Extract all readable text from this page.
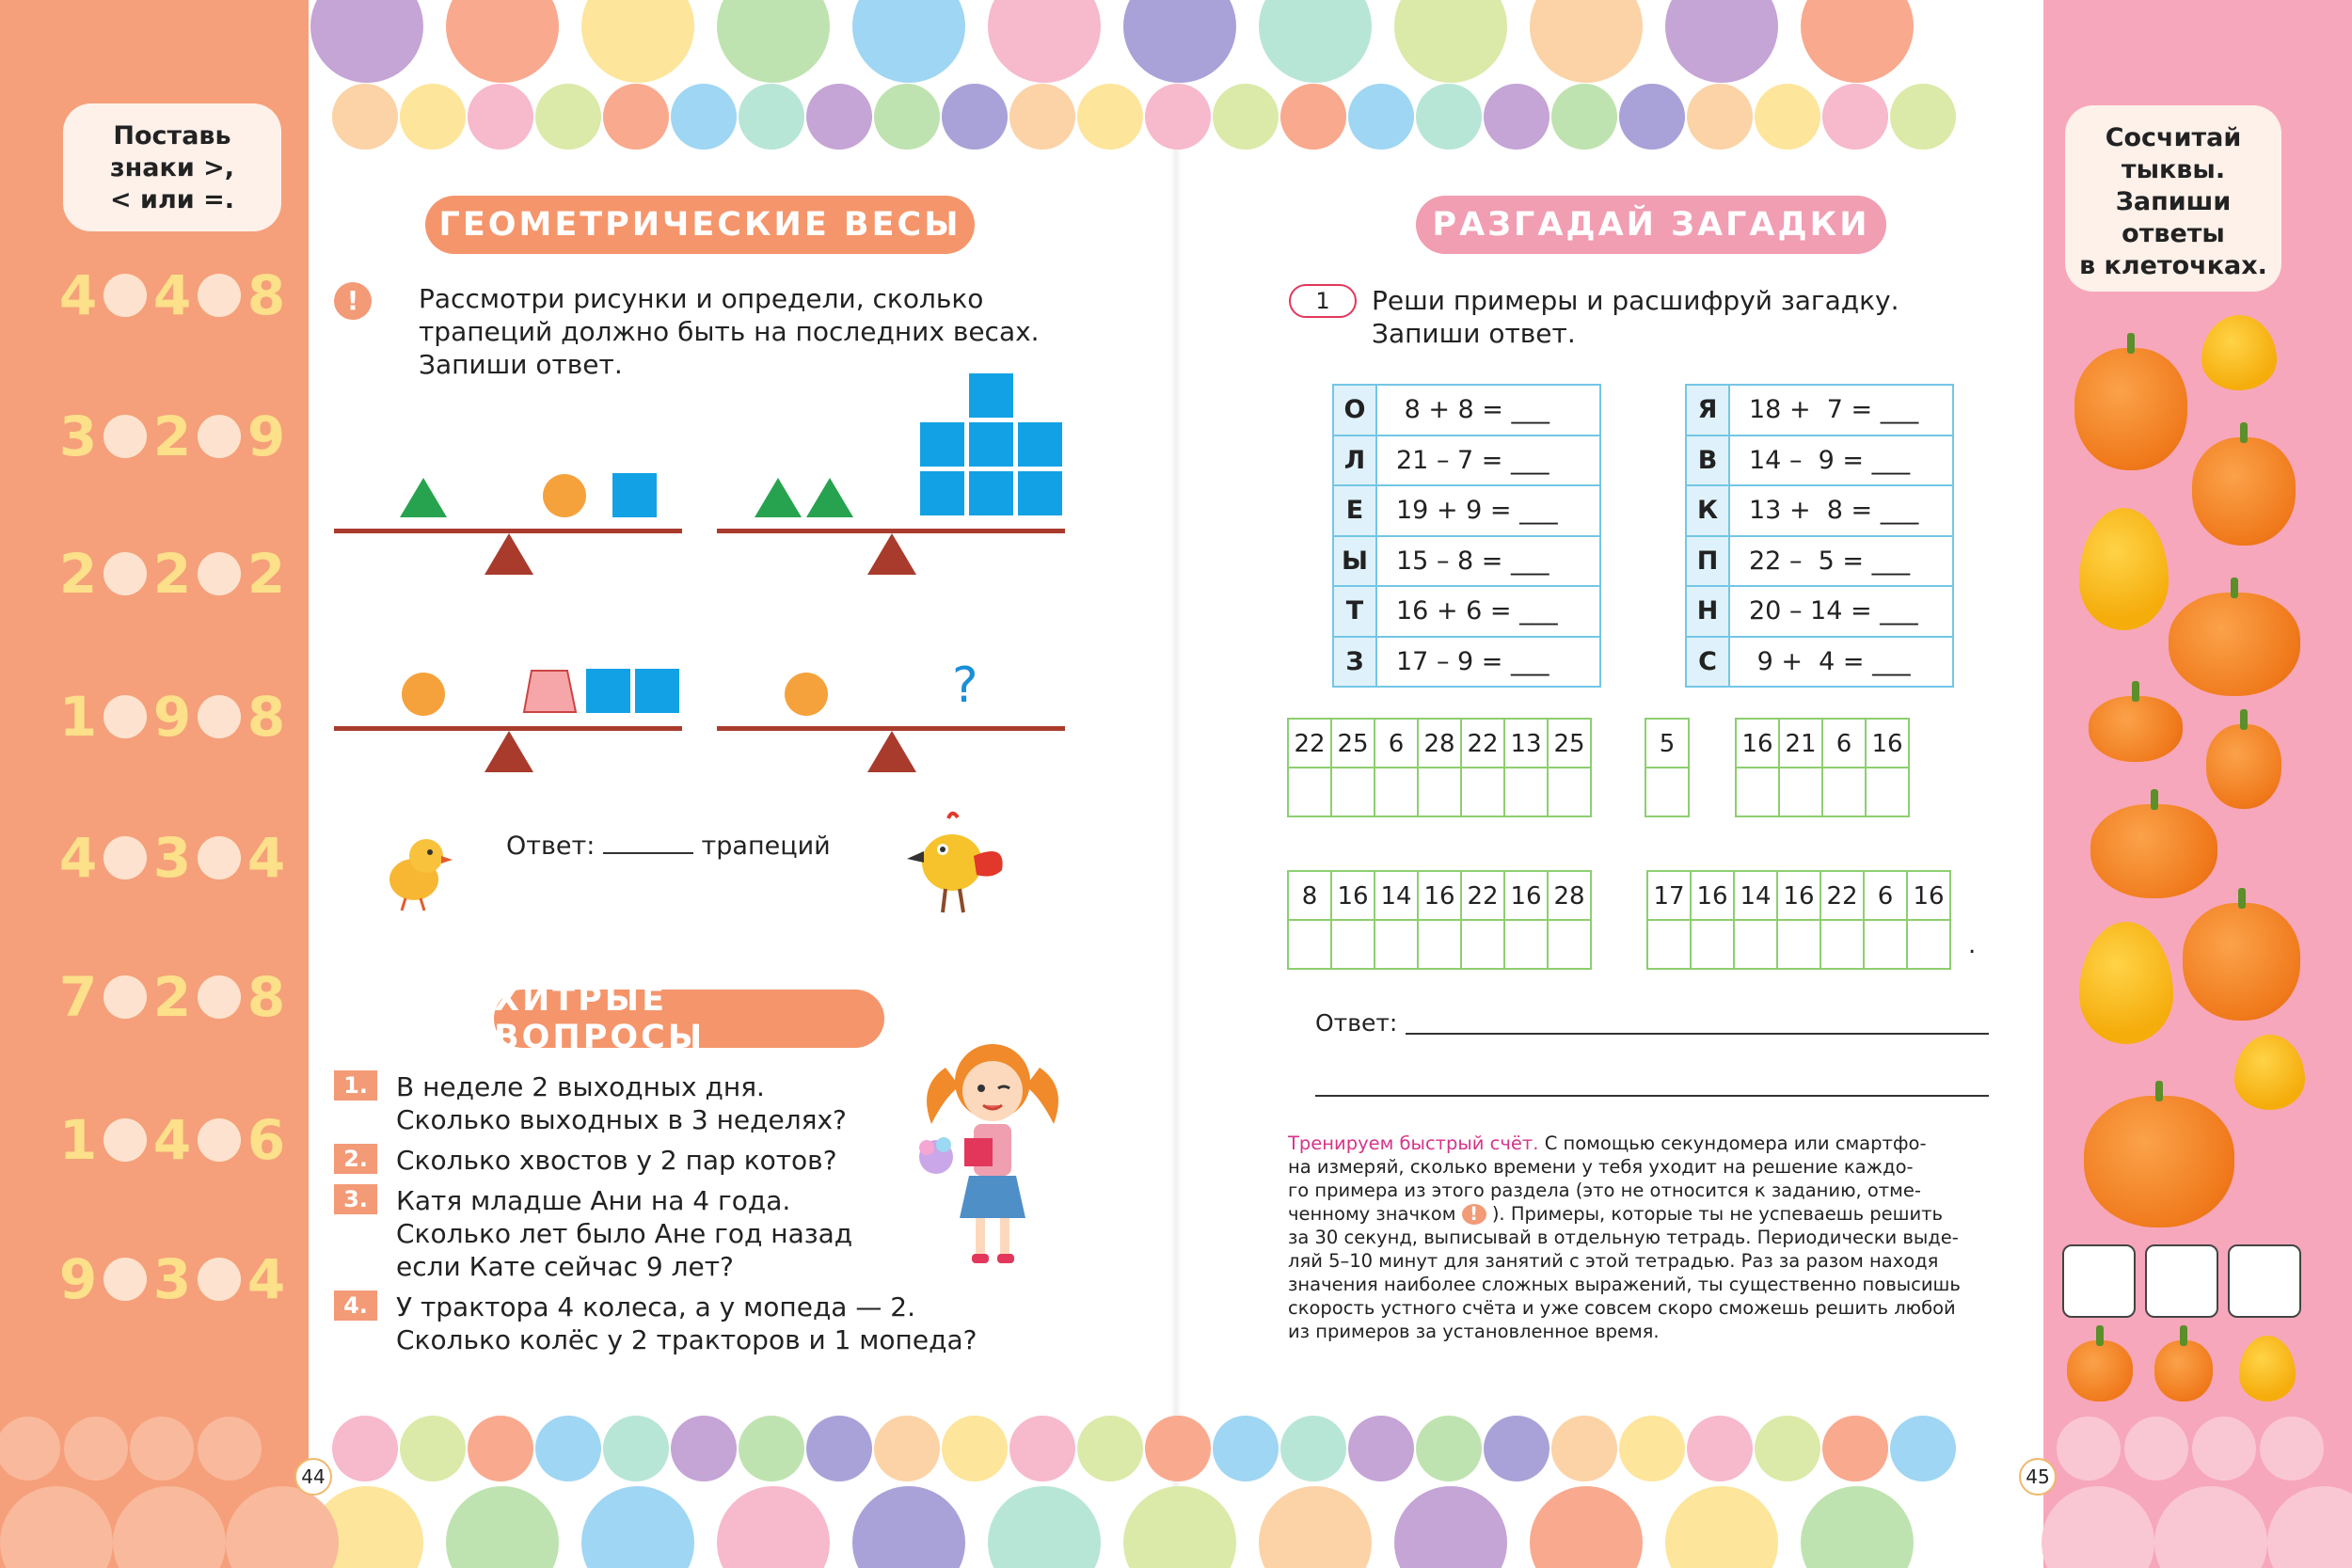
Поставь
знаки >,
< или =.
4 4 8
3 2 9
2 2 2
1 9 8
4 3 4
7 2 8
1 4 6
9 3 4
ГЕОМЕТРИЧЕСКИЕ ВЕСЫ
!	Рассмотри рисунки и определи, сколько
трапеций должно быть на последних весах.
Запиши ответ.
?
Ответ:	трапеций
ХИТРЫЕ ВОПРОСЫ
1.	В неделе 2 выходных дня.
Сколько выходных в 3 неделях?
2.	Сколько хвостов у 2 пар котов?
3.	Катя младше Ани на 4 года.
Сколько лет было Ане год назад
если Кате сейчас 9 лет?
4.	У трактора 4 колеса, а у мопеда — 2.
Сколько колёс у 2 тракторов и 1 мопеда?
44	45
РАЗГАДАЙ ЗАГАДКИ
1	Реши примеры и расшифруй загадку.
Запиши ответ.
О	8 + 8 = ___
Л	21 – 7 = ___
Е	19 + 9 = ___
Ы	15 – 8 = ___
Т	16 + 6 = ___
З	17 – 9 = ___
Я	18 +  7 = ___
В	14 –  9 = ___
К	13 +  8 = ___
П	22 –  5 = ___
Н	20 – 14 = ___
С	9 +  4 = ___
22 25 6 28 22 13 25	5	16 21 6 16
8 16 14 16 22 16 28	17 16 14 16 22 6 16
.
Ответ:
Тренируем быстрый счёт. С помощью секундомера или смартфо-
на измеряй, сколько времени у тебя уходит на решение каждо-
го примера из этого раздела (это не относится к заданию, отме-
ченному значком ! ). Примеры, которые ты не успеваешь решить
за 30 секунд, выписывай в отдельную тетрадь. Периодически выде-
ляй 5–10 минут для занятий с этой тетрадью. Раз за разом находя
значения наиболее сложных выражений, ты существенно повысишь
скорость устного счёта и уже совсем скоро сможешь решить любой
из примеров за установленное время.
Сосчитай
тыквы.
Запиши
ответы
в клеточках.
